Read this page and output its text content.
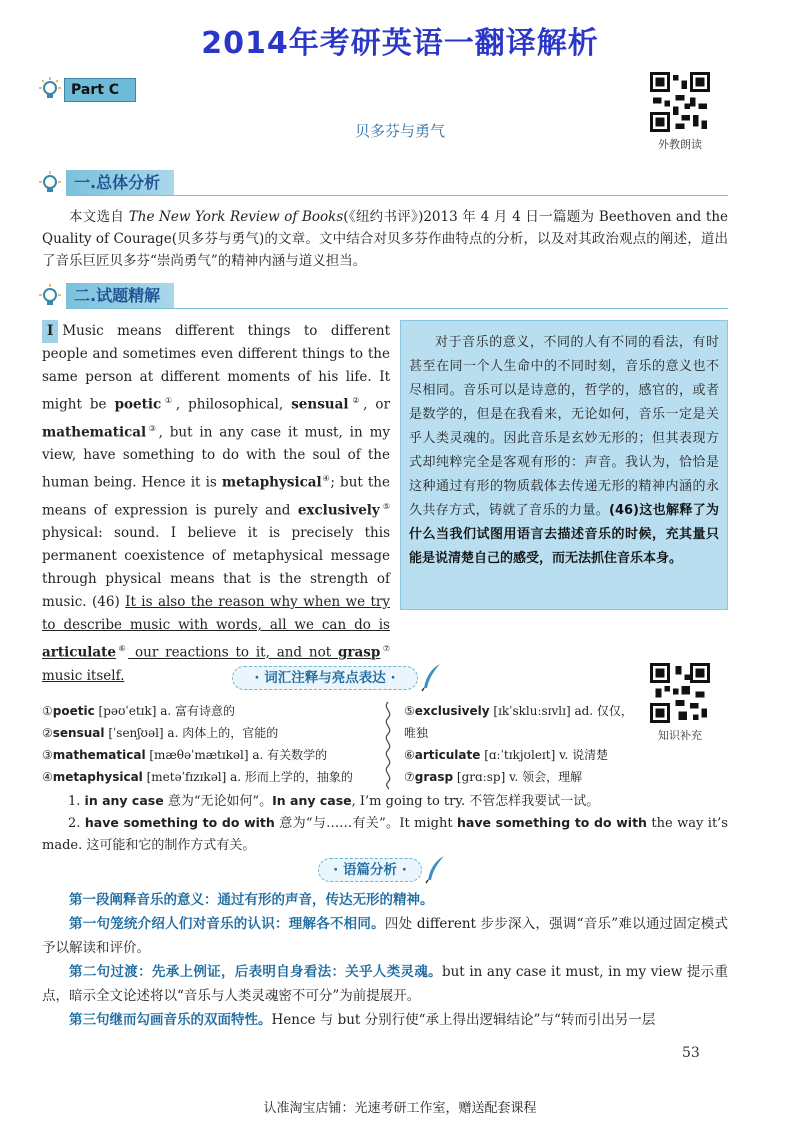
2014年考研英语一翻译解析
Part C
外教朗读
贝多芬与勇气
一.总体分析
本文选自 The New York Review of Books(《纽约书评》)2013 年 4 月 4 日一篇题为 Beethoven and the Quality of Courage(贝多芬与勇气)的文章。文中结合对贝多芬作曲特点的分析，以及对其政治观点的阐述，道出了音乐巨匠贝多芬“崇尚勇气”的精神内涵与道义担当。
二.试题精解
Ⅰ Music means different things to different people and sometimes even different things to the same person at different moments of his life. It might be poetic①, philosophical, sensual②, or mathematical③, but in any case it must, in my view, have something to do with the soul of the human being. Hence it is metaphysical④; but the means of expression is purely and exclusively⑤ physical: sound. I believe it is precisely this permanent coexistence of metaphysical message through physical means that is the strength of music. (46) It is also the reason why when we try to describe music with words, all we can do is articulate⑥ our reactions to it, and not grasp⑦ music itself.
对于音乐的意义，不同的人有不同的看法，有时甚至在同一个人生命中的不同时刻，音乐的意义也不尽相同。音乐可以是诗意的，哲学的，感官的，或者是数学的，但是在我看来，无论如何，音乐一定是关乎人类灵魂的。因此音乐是玄妙无形的；但其表现方式却纯粹完全是客观有形的：声音。我认为，恰恰是这种通过有形的物质载体去传递无形的精神内涵的永久共存方式，铸就了音乐的力量。(46)这也解释了为什么当我们试图用语言去描述音乐的时候，充其量只能是说清楚自己的感受，而无法抓住音乐本身。
· 词汇注释与亮点表达 ·
知识补充
①poetic [pəʊˈetɪk] a. 富有诗意的
②sensual [ˈsenʃʊəl] a. 肉体上的，官能的
③mathematical [mæθəˈmætɪkəl] a. 有关数学的
④metaphysical [metəˈfɪzɪkəl] a. 形而上学的，抽象的
⑤exclusively [ɪkˈskluːsɪvlɪ] ad. 仅仅，
唯独
⑥articulate [ɑːˈtɪkjʊleɪt] v. 说清楚
⑦grasp [grɑːsp] v. 领会，理解
1. in any case 意为“无论如何”。In any case, I’m going to try. 不管怎样我要试一试。
2. have something to do with 意为“与……有关”。It might have something to do with the way it’s made. 这可能和它的制作方式有关。
· 语篇分析 ·
第一段阐释音乐的意义：通过有形的声音，传达无形的精神。
第一句笼统介绍人们对音乐的认识：理解各不相同。四处 different 步步深入，强调“音乐”难以通过固定模式予以解读和评价。
第二句过渡：先承上例证，后表明自身看法：关乎人类灵魂。but in any case it must, in my view 提示重点，暗示全文论述将以“音乐与人类灵魂密不可分”为前提展开。
第三句继而勾画音乐的双面特性。Hence 与 but 分别行使“承上得出逻辑结论”与“转而引出另一层
53
认准淘宝店铺：光速考研工作室，赠送配套课程
